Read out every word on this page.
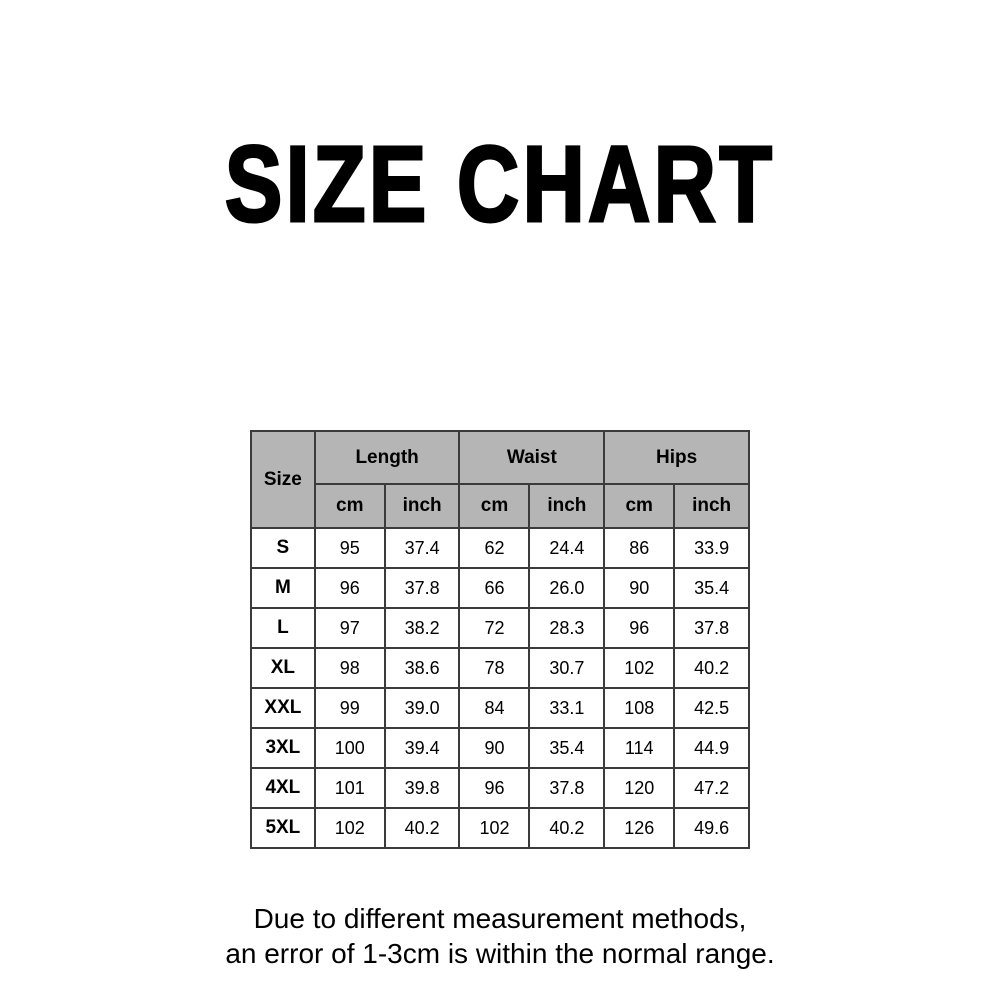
SIZE CHART
Size	Length		Waist		Hips	
	cm	inch	cm	inch	cm	inch
S	95	37.4	62	24.4	86	33.9
M	96	37.8	66	26.0	90	35.4
L	97	38.2	72	28.3	96	37.8
XL	98	38.6	78	30.7	102	40.2
XXL	99	39.0	84	33.1	108	42.5
3XL	100	39.4	90	35.4	114	44.9
4XL	101	39.8	96	37.8	120	47.2
5XL	102	40.2	102	40.2	126	49.6
Due to different measurement methods,
an error of 1-3cm is within the normal range.
